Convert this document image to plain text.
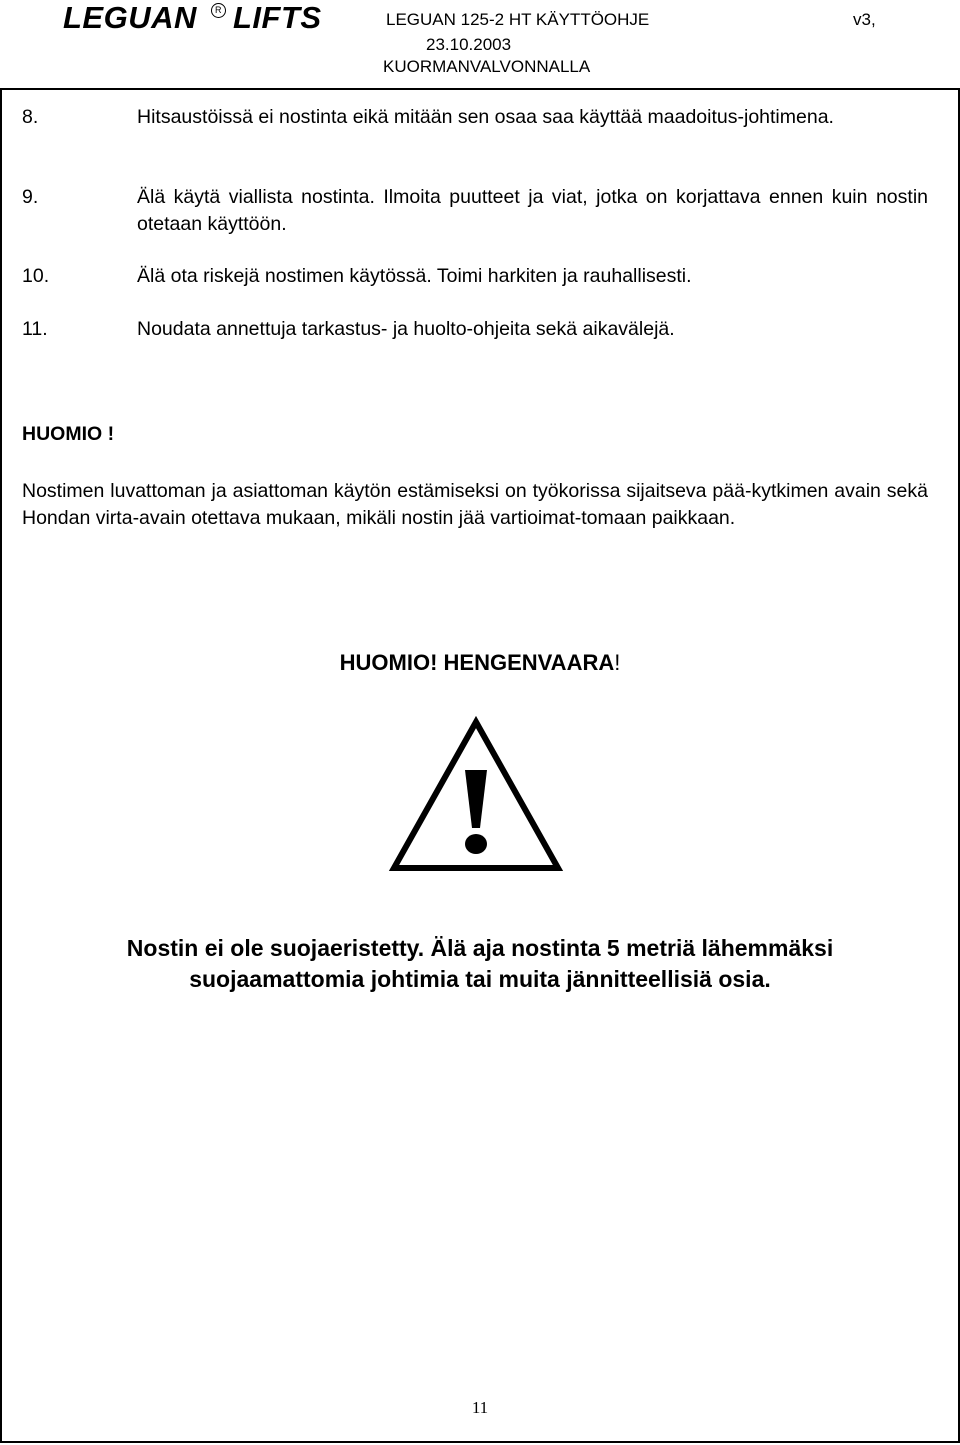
LEGUAN	R LIFTS	LEGUAN 125-2 HT KÄYTTÖOHJE	v3,
23.10.2003
KUORMANVALVONNALLA
8.	Hitsaustöissä ei nostinta eikä mitään sen osaa saa käyttää maadoitus-johtimena.
9.	Älä käytä viallista nostinta. Ilmoita puutteet ja viat, jotka on korjattava ennen kuin nostin otetaan käyttöön.
10.	Älä ota riskejä nostimen käytössä. Toimi harkiten ja rauhallisesti.
11.	Noudata annettuja tarkastus- ja huolto-ohjeita sekä aikavälejä.
HUOMIO !
Nostimen luvattoman ja asiattoman käytön estämiseksi on työkorissa sijaitseva pää-kytkimen avain sekä Hondan virta-avain otettava mukaan, mikäli nostin jää vartioimat-tomaan paikkaan.
HUOMIO! HENGENVAARA!
Nostin ei ole suojaeristetty. Älä aja nostinta 5 metriä lähemmäksi
suojaamattomia johtimia tai muita jännitteellisiä osia.
11
